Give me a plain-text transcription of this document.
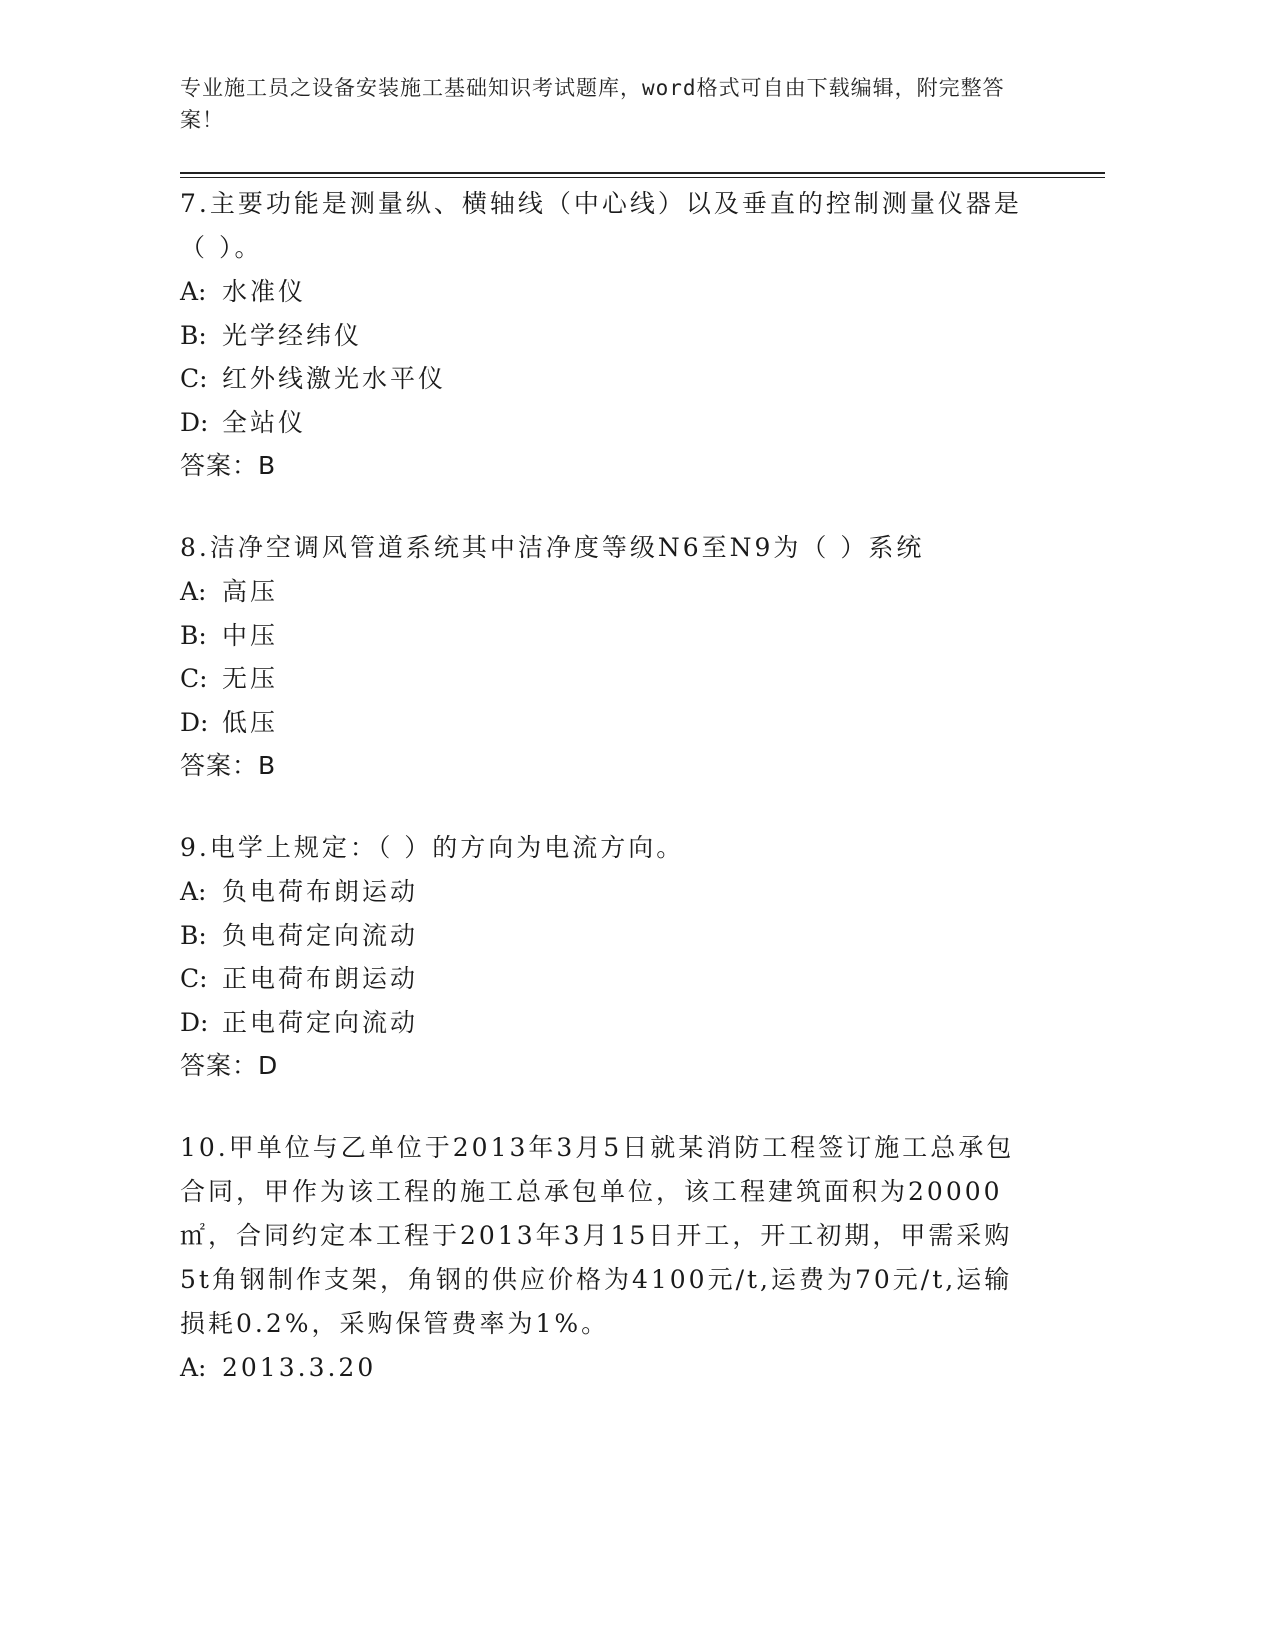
专业施工员之设备安装施工基础知识考试题库，word格式可自由下载编辑，附完整答案！

7.主要功能是测量纵、横轴线（中心线）以及垂直的控制测量仪器是（ ）。

A: 水准仪

B: 光学经纬仪

C: 红外线激光水平仪

D: 全站仪

答案：B

8.洁净空调风管道系统其中洁净度等级N6至N9为（ ）系统

A: 高压

B: 中压

C: 无压

D: 低压

答案：B

9.电学上规定：（ ）的方向为电流方向。

A: 负电荷布朗运动

B: 负电荷定向流动

C: 正电荷布朗运动

D: 正电荷定向流动

答案：D

10.甲单位与乙单位于2013年3月5日就某消防工程签订施工总承包合同，甲作为该工程的施工总承包单位，该工程建筑面积为20000㎡，合同约定本工程于2013年3月15日开工，开工初期，甲需采购5t角钢制作支架，角钢的供应价格为4100元/t,运费为70元/t,运输损耗0.2%，采购保管费率为1%。

A: 2013.3.20
